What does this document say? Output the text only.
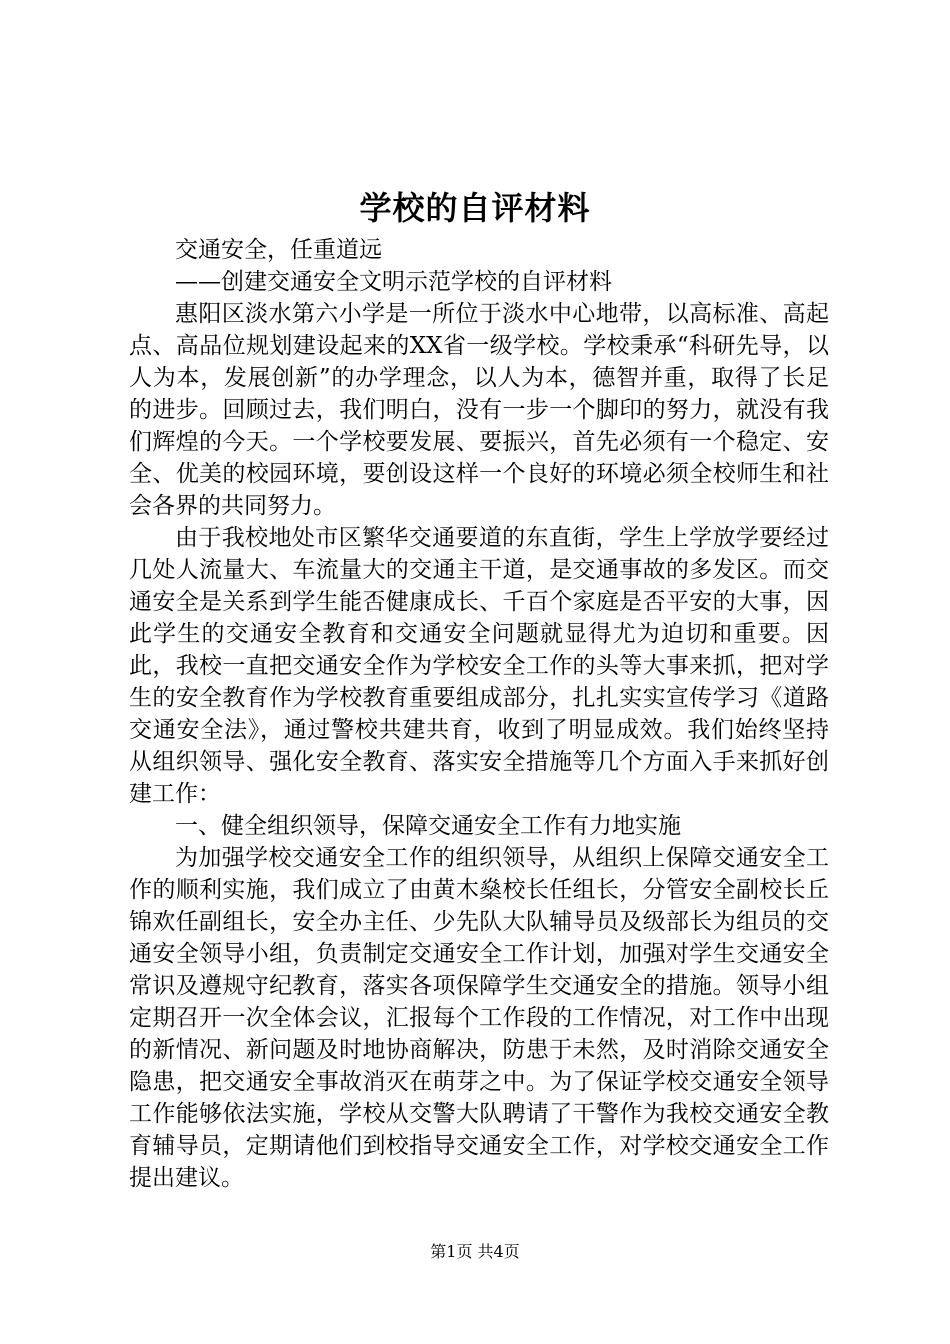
学校的自评材料

交通安全，任重道远

——创建交通安全文明示范学校的自评材料

惠阳区淡水第六小学是一所位于淡水中心地带，以高标准、高起点、高品位规划建设起来的XX省一级学校。学校秉承“科研先导，以人为本，发展创新”的办学理念，以人为本，德智并重，取得了长足的进步。回顾过去，我们明白，没有一步一个脚印的努力，就没有我们辉煌的今天。一个学校要发展、要振兴，首先必须有一个稳定、安全、优美的校园环境，要创设这样一个良好的环境必须全校师生和社会各界的共同努力。

由于我校地处市区繁华交通要道的东直街，学生上学放学要经过几处人流量大、车流量大的交通主干道，是交通事故的多发区。而交通安全是关系到学生能否健康成长、千百个家庭是否平安的大事，因此学生的交通安全教育和交通安全问题就显得尤为迫切和重要。因此，我校一直把交通安全作为学校安全工作的头等大事来抓，把对学生的安全教育作为学校教育重要组成部分，扎扎实实宣传学习《道路交通安全法》，通过警校共建共育，收到了明显成效。我们始终坚持从组织领导、强化安全教育、落实安全措施等几个方面入手来抓好创建工作：

一、健全组织领导，保障交通安全工作有力地实施

为加强学校交通安全工作的组织领导，从组织上保障交通安全工作的顺利实施，我们成立了由黄木燊校长任组长，分管安全副校长丘锦欢任副组长，安全办主任、少先队大队辅导员及级部长为组员的交通安全领导小组，负责制定交通安全工作计划，加强对学生交通安全常识及遵规守纪教育，落实各项保障学生交通安全的措施。领导小组定期召开一次全体会议，汇报每个工作段的工作情况，对工作中出现的新情况、新问题及时地协商解决，防患于未然，及时消除交通安全隐患，把交通安全事故消灭在萌芽之中。为了保证学校交通安全领导工作能够依法实施，学校从交警大队聘请了干警作为我校交通安全教育辅导员，定期请他们到校指导交通安全工作，对学校交通安全工作提出建议。

第1页 共4页
